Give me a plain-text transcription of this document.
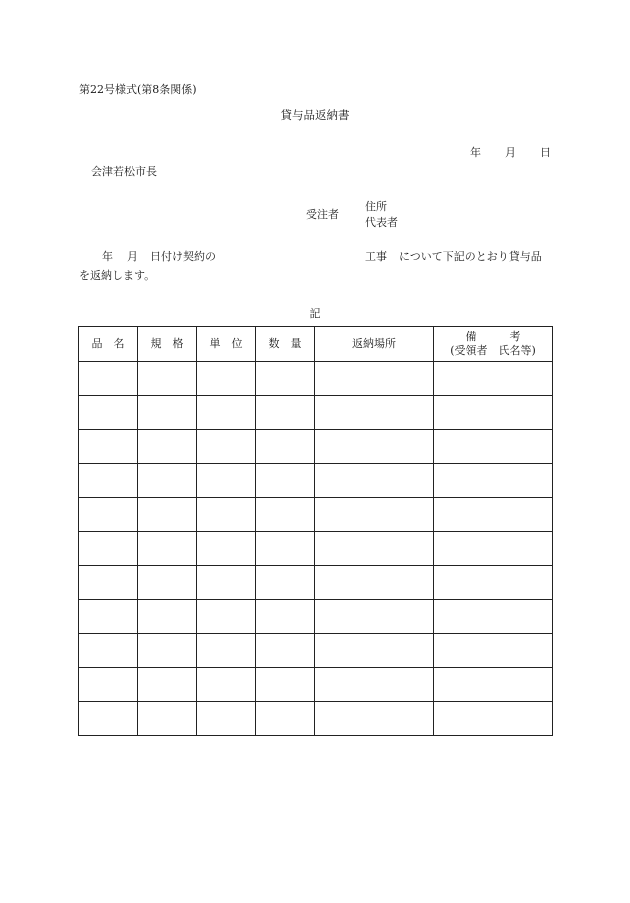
第22号様式(第8条関係)
貸与品返納書
年 月 日
会津若松市長
受注者
住所
代表者
年 月 日付け契約の	工事 について下記のとおり貸与品
を返納します。
記
品　名	規　格	単　位	数　量	返納場所	備　　　考
(受領者　氏名等)
